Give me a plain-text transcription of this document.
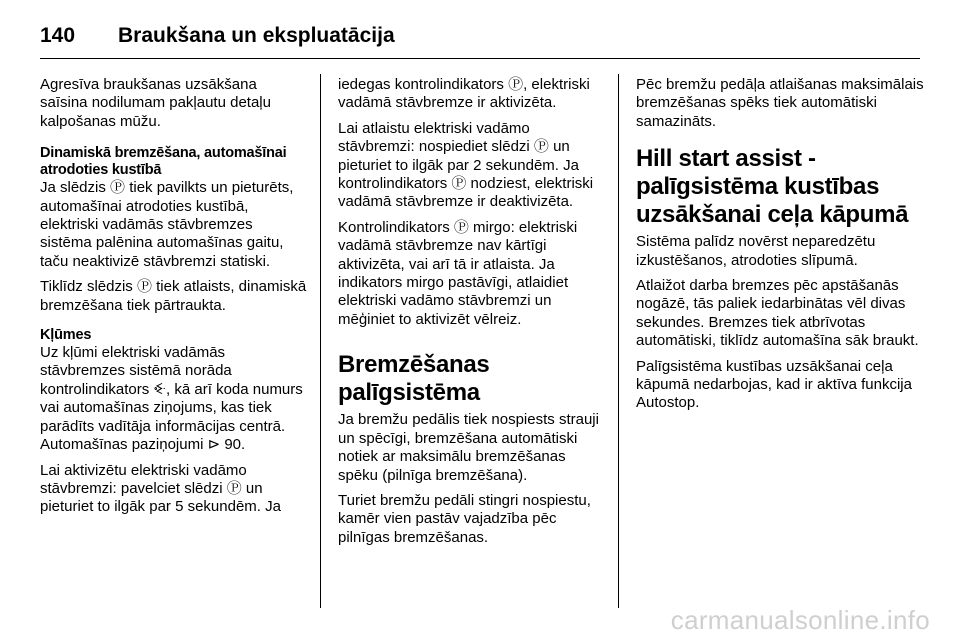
140	Braukšana un ekspluatācija

Agresīva braukšanas uzsākšana saīsina nodilumam pakļautu detaļu kalpošanas mūžu.

Dinamiskā bremzēšana, automašīnai atrodoties kustībā

Ja slēdzis Ⓟ tiek pavilkts un pieturēts, automašīnai atrodoties kustībā, elektriski vadāmās stāvbremzes sistēma palēnina automašīnas gaitu, taču neaktivizē stāvbremzi statiski.

Tiklīdz slēdzis Ⓟ tiek atlaists, dinamiskā bremzēšana tiek pārtraukta.

Kļūmes

Uz kļūmi elektriski vadāmās stāvbremzes sistēmā norāda kontrolindikators ꔾ, kā arī koda numurs vai automašīnas ziņojums, kas tiek parādīts vadītāja informācijas centrā. Automašīnas paziņojumi ⊳ 90.

Lai aktivizētu elektriski vadāmo stāvbremzi: pavelciet slēdzi Ⓟ un pieturiet to ilgāk par 5 sekundēm. Ja

iedegas kontrolindikators Ⓟ, elektriski vadāmā stāvbremze ir aktivizēta.

Lai atlaistu elektriski vadāmo stāvbremzi: nospiediet slēdzi Ⓟ un pieturiet to ilgāk par 2 sekundēm. Ja kontrolindikators Ⓟ nodziest, elektriski vadāmā stāvbremze ir deaktivizēta.

Kontrolindikators Ⓟ mirgo: elektriski vadāmā stāvbremze nav kārtīgi aktivizēta, vai arī tā ir atlaista. Ja indikators mirgo pastāvīgi, atlaidiet elektriski vadāmo stāvbremzi un mēģiniet to aktivizēt vēlreiz.

Bremzēšanas palīgsistēma

Ja bremžu pedālis tiek nospiests strauji un spēcīgi, bremzēšana automātiski notiek ar maksimālu bremzēšanas spēku (pilnīga bremzēšana).

Turiet bremžu pedāli stingri nospiestu, kamēr vien pastāv vajadzība pēc pilnīgas bremzēšanas.

Pēc bremžu pedāļa atlaišanas maksimālais bremzēšanas spēks tiek automātiski samazināts.

Hill start assist - palīgsistēma kustības uzsākšanai ceļa kāpumā

Sistēma palīdz novērst neparedzētu izkustēšanos, atrodoties slīpumā.

Atlaižot darba bremzes pēc apstāšanās nogāzē, tās paliek iedarbinātas vēl divas sekundes. Bremzes tiek atbrīvotas automātiski, tiklīdz automašīna sāk braukt.

Palīgsistēma kustības uzsākšanai ceļa kāpumā nedarbojas, kad ir aktīva funkcija Autostop.

carmanualsonline.info
